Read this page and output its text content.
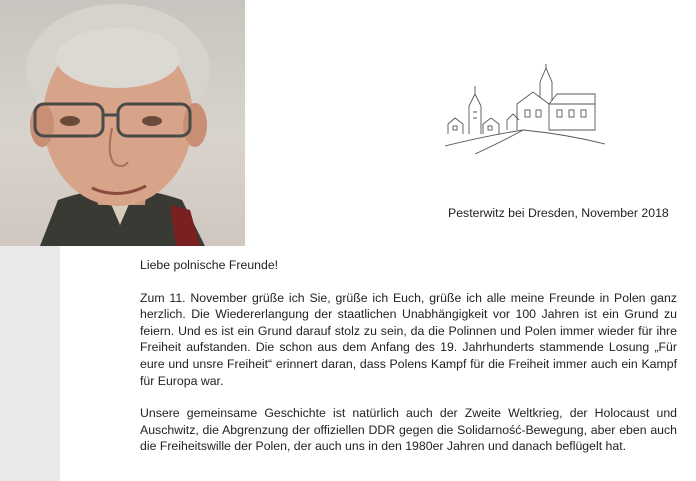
Pesterwitz bei Dresden, November 2018

Liebe polnische Freunde!

Zum 11. November grüße ich Sie, grüße ich Euch, grüße ich alle meine Freunde in Polen ganz herzlich. Die Wiedererlangung der staatlichen Unabhängigkeit vor 100 Jahren ist ein Grund zu feiern. Und es ist ein Grund darauf stolz zu sein, da die Polinnen und Polen immer wieder für ihre Freiheit aufstanden. Die schon aus dem Anfang des 19. Jahrhunderts stammende Losung „Für eure und unsre Freiheit“ erinnert daran, dass Polens Kampf für die Freiheit immer auch ein Kampf für Europa war.

Unsere gemeinsame Geschichte ist natürlich auch der Zweite Weltkrieg, der Holocaust und Auschwitz, die Abgrenzung der offiziellen DDR gegen die Solidarność-Bewegung, aber eben auch die Freiheitswille der Polen, der auch uns in den 1980er Jahren und danach beflügelt hat.
